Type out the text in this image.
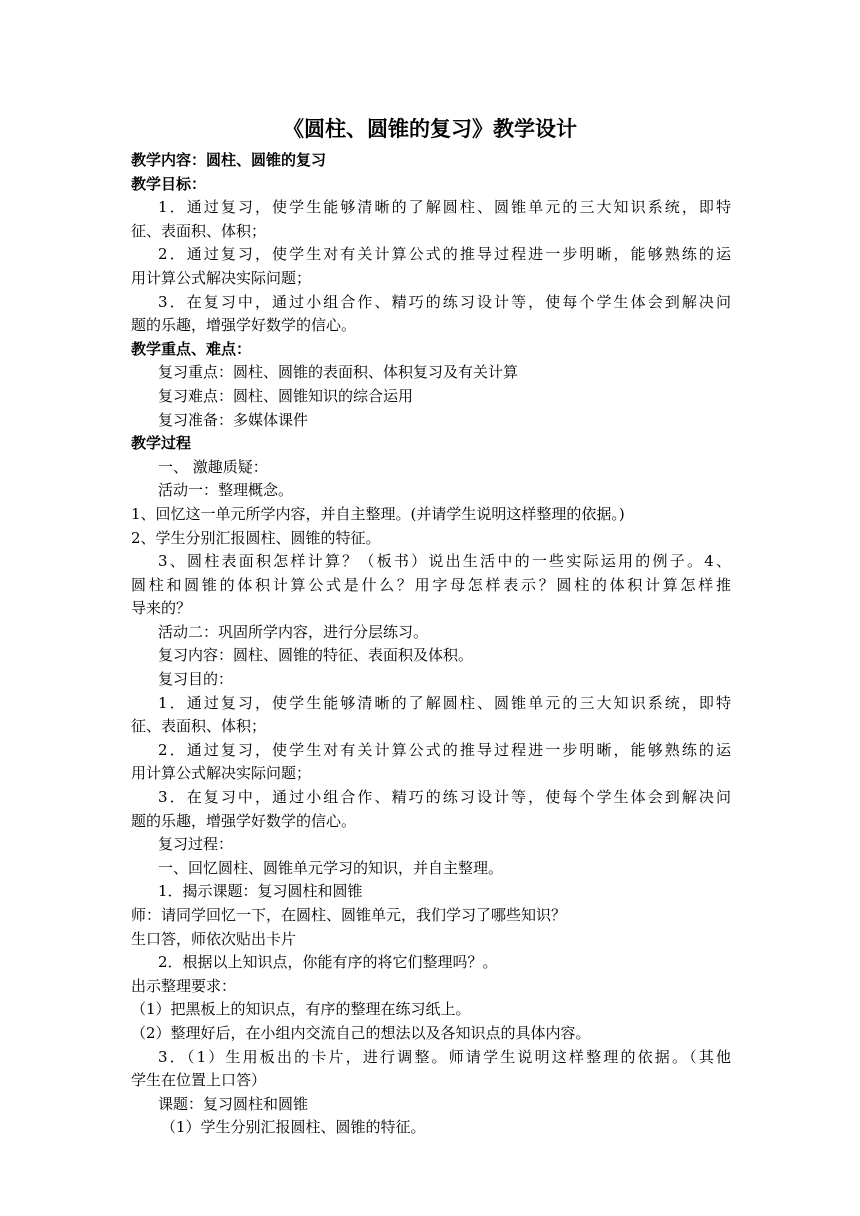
《圆柱、圆锥的复习》教学设计
教学内容：圆柱、圆锥的复习
教学目标：
1．通过复习，使学生能够清晰的了解圆柱、圆锥单元的三大知识系统，即特
征、表面积、体积；
2．通过复习，使学生对有关计算公式的推导过程进一步明晰，能够熟练的运
用计算公式解决实际问题；
3．在复习中，通过小组合作、精巧的练习设计等，使每个学生体会到解决问
题的乐趣，增强学好数学的信心。
教学重点、难点：
复习重点：圆柱、圆锥的表面积、体积复习及有关计算
复习难点：圆柱、圆锥知识的综合运用
复习准备：多媒体课件
教学过程
一、 激趣质疑：
活动一：整理概念。
1、回忆这一单元所学内容，并自主整理。(并请学生说明这样整理的依据。)
2、学生分别汇报圆柱、圆锥的特征。
3、圆柱表面积怎样计算？（板书）说出生活中的一些实际运用的例子。4、
圆柱和圆锥的体积计算公式是什么？用字母怎样表示？圆柱的体积计算怎样推
导来的？
活动二：巩固所学内容，进行分层练习。
复习内容：圆柱、圆锥的特征、表面积及体积。
复习目的：
1．通过复习，使学生能够清晰的了解圆柱、圆锥单元的三大知识系统，即特
征、表面积、体积；
2．通过复习，使学生对有关计算公式的推导过程进一步明晰，能够熟练的运
用计算公式解决实际问题；
3．在复习中，通过小组合作、精巧的练习设计等，使每个学生体会到解决问
题的乐趣，增强学好数学的信心。
复习过程：
一、回忆圆柱、圆锥单元学习的知识，并自主整理。
1．揭示课题：复习圆柱和圆锥
师：请同学回忆一下，在圆柱、圆锥单元，我们学习了哪些知识？
生口答，师依次贴出卡片
2．根据以上知识点，你能有序的将它们整理吗？。
出示整理要求：
（1）把黑板上的知识点，有序的整理在练习纸上。
（2）整理好后，在小组内交流自己的想法以及各知识点的具体内容。
3．（1）生用板出的卡片，进行调整。师请学生说明这样整理的依据。（其他
学生在位置上口答）
课题：复习圆柱和圆锥
（1）学生分别汇报圆柱、圆锥的特征。
